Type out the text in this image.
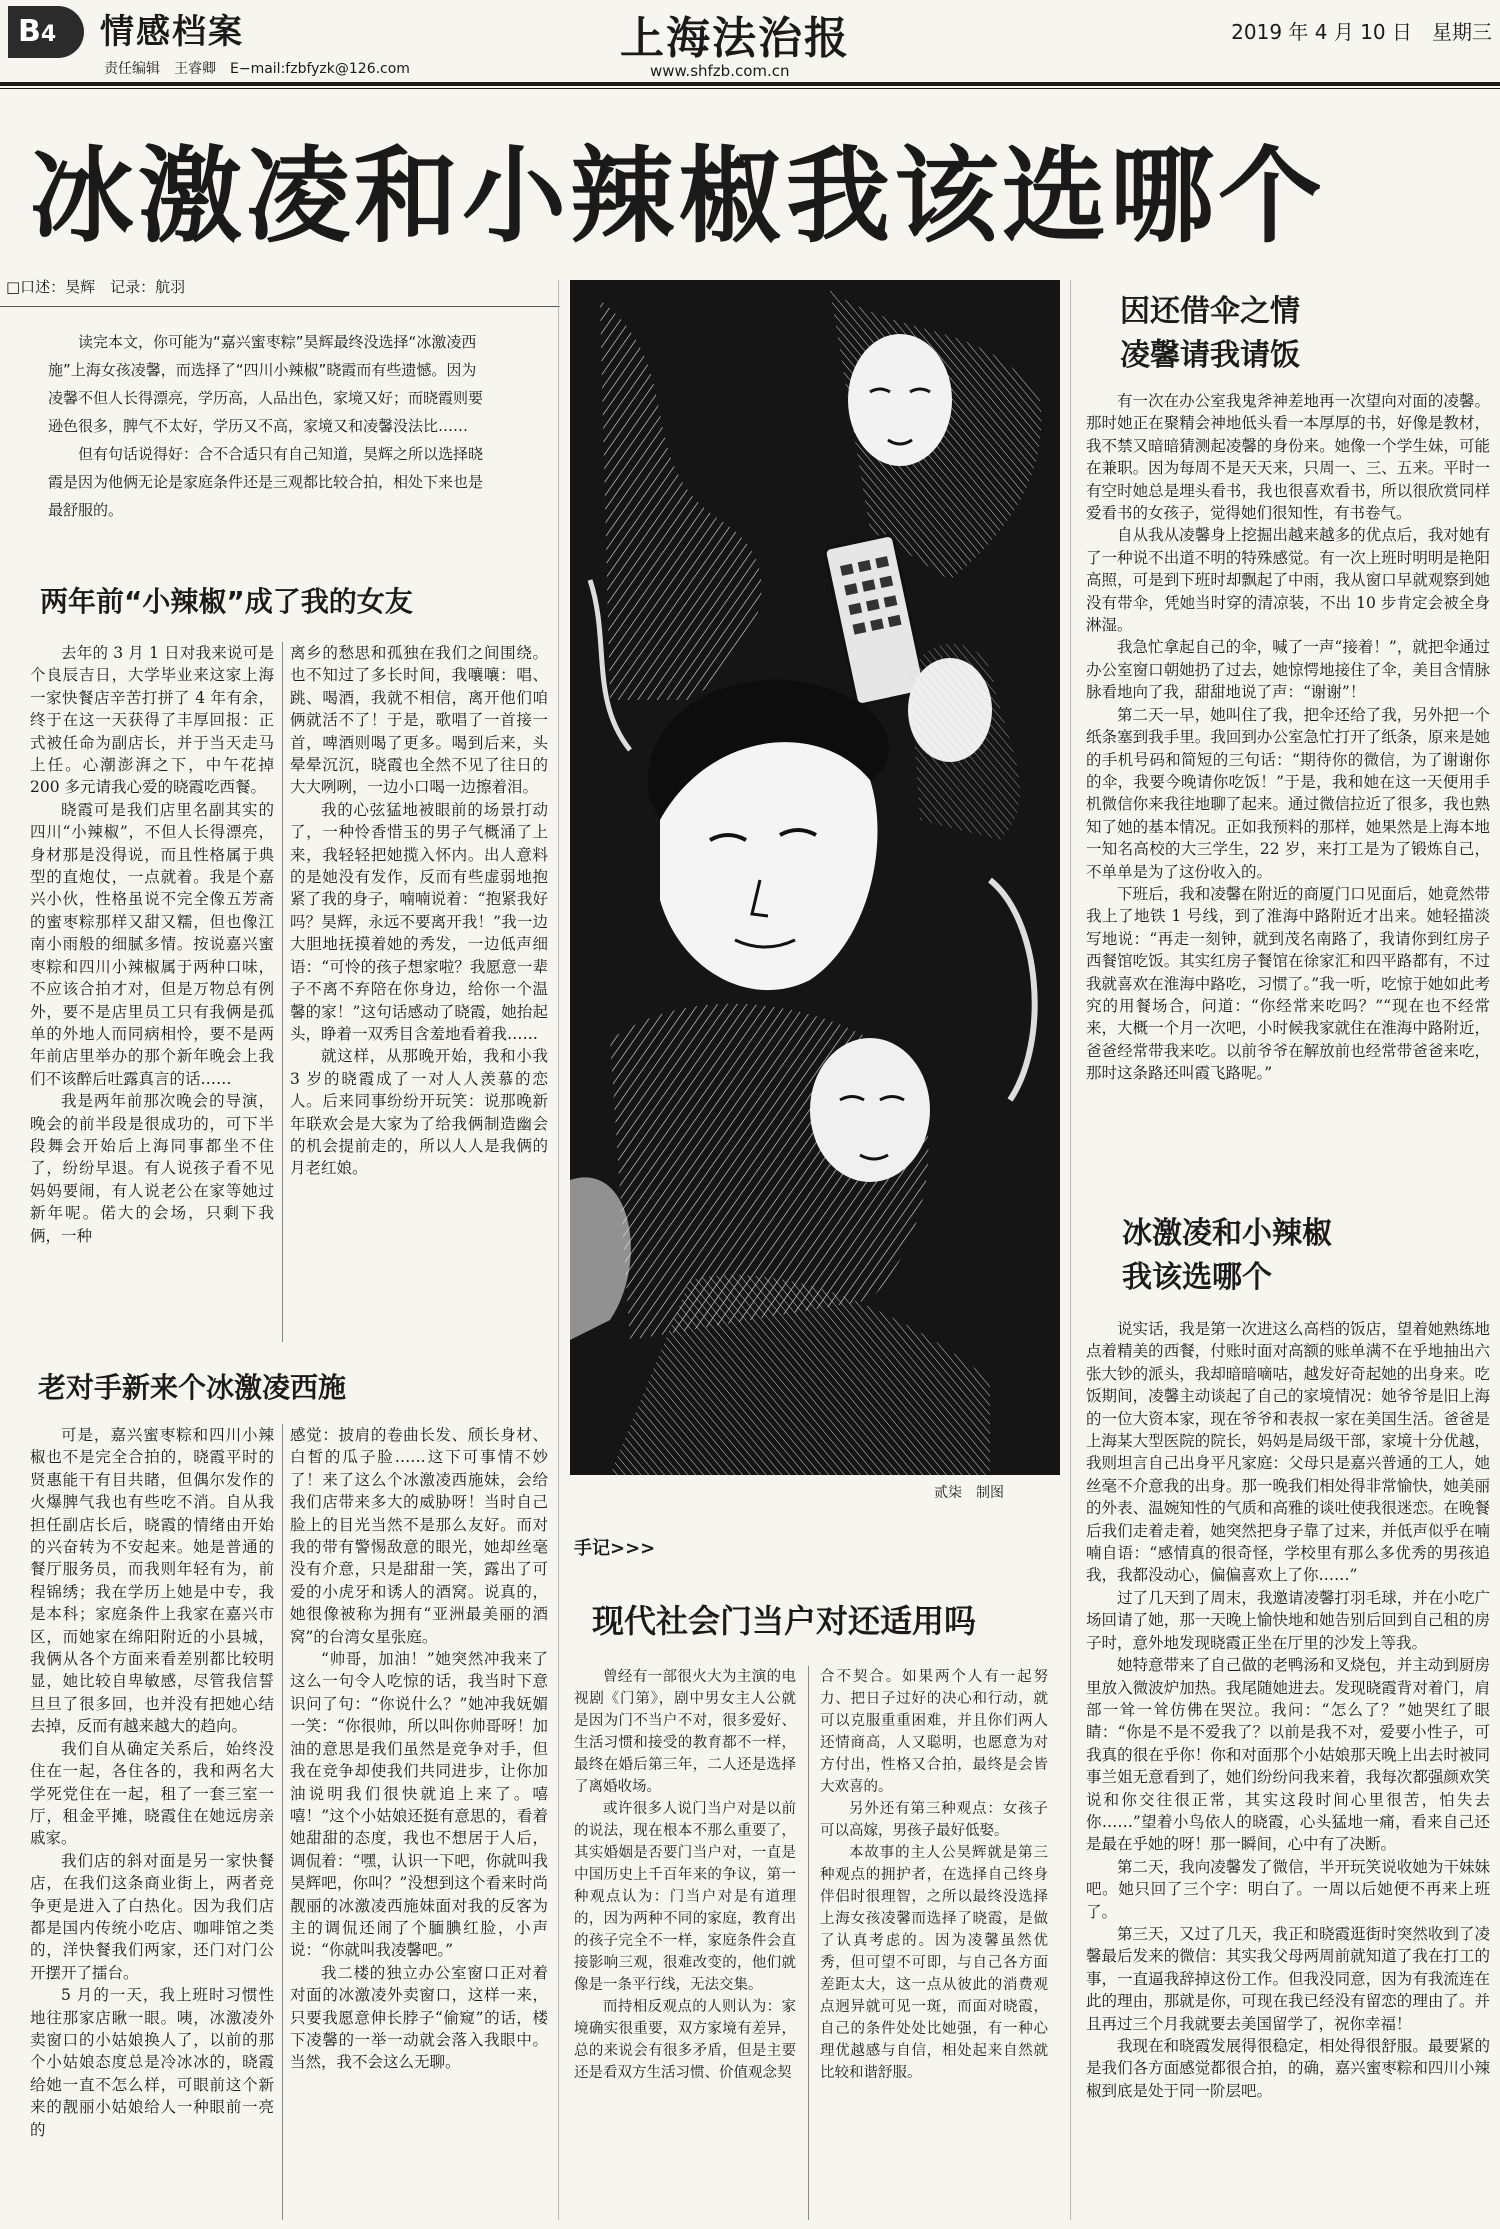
B4	情感档案
责任编辑　王睿卿　E−mail:fzbfyzk@126.com
上海法治报
www.shfzb.com.cn
2019 年 4 月 10 日　星期三
冰激凌和小辣椒我该选哪个
□口述：昊辉　记录：航羽

读完本文，你可能为“嘉兴蜜枣粽”昊辉最终没选择“冰激凌西施”上海女孩凌馨，而选择了“四川小辣椒”晓霞而有些遗憾。因为凌馨不但人长得漂亮，学历高，人品出色，家境又好；而晓霞则要逊色很多，脾气不太好，学历又不高，家境又和凌馨没法比……

但有句话说得好：合不合适只有自己知道，昊辉之所以选择晓霞是因为他俩无论是家庭条件还是三观都比较合拍，相处下来也是最舒服的。

两年前“小辣椒”成了我的女友

去年的 3 月 1 日对我来说可是个良辰吉日，大学毕业来这家上海一家快餐店辛苦打拼了 4 年有余，终于在这一天获得了丰厚回报：正式被任命为副店长，并于当天走马上任。心潮澎湃之下，中午花掉 200 多元请我心爱的晓霞吃西餐。

晓霞可是我们店里名副其实的四川“小辣椒”，不但人长得漂亮，身材那是没得说，而且性格属于典型的直炮仗，一点就着。我是个嘉兴小伙，性格虽说不完全像五芳斋的蜜枣粽那样又甜又糯，但也像江南小雨般的细腻多情。按说嘉兴蜜枣粽和四川小辣椒属于两种口味，不应该合拍才对，但是万物总有例外，要不是店里员工只有我俩是孤单的外地人而同病相怜，要不是两年前店里举办的那个新年晚会上我们不该醉后吐露真言的话……

我是两年前那次晚会的导演，晚会的前半段是很成功的，可下半段舞会开始后上海同事都坐不住了，纷纷早退。有人说孩子看不见妈妈要闹，有人说老公在家等她过新年呢。偌大的会场，只剩下我俩，一种

离乡的愁思和孤独在我们之间围绕。也不知过了多长时间，我嚷嚷：唱、跳、喝酒，我就不相信，离开他们咱俩就活不了！于是，歌唱了一首接一首，啤酒则喝了更多。喝到后来，头晕晕沉沉，晓霞也全然不见了往日的大大咧咧，一边小口喝一边擦着泪。

我的心弦猛地被眼前的场景打动了，一种怜香惜玉的男子气概涌了上来，我轻轻把她揽入怀内。出人意料的是她没有发作，反而有些虚弱地抱紧了我的身子，喃喃说着：“抱紧我好吗？昊辉，永远不要离开我！”我一边大胆地抚摸着她的秀发，一边低声细语：“可怜的孩子想家啦？我愿意一辈子不离不弃陪在你身边，给你一个温馨的家！”这句话感动了晓霞，她抬起头，睁着一双秀目含羞地看着我……

就这样，从那晚开始，我和小我 3 岁的晓霞成了一对人人羡慕的恋人。后来同事纷纷开玩笑：说那晚新年联欢会是大家为了给我俩制造幽会的机会提前走的，所以人人是我俩的月老红娘。

老对手新来个冰激凌西施

可是，嘉兴蜜枣粽和四川小辣椒也不是完全合拍的，晓霞平时的贤惠能干有目共睹，但偶尔发作的火爆脾气我也有些吃不消。自从我担任副店长后，晓霞的情绪由开始的兴奋转为不安起来。她是普通的餐厅服务员，而我则年轻有为，前程锦绣；我在学历上她是中专，我是本科；家庭条件上我家在嘉兴市区，而她家在绵阳附近的小县城，我俩从各个方面来看差别都比较明显，她比较自卑敏感，尽管我信誓旦旦了很多回，也并没有把她心结去掉，反而有越来越大的趋向。

我们自从确定关系后，始终没住在一起，各住各的，我和两名大学死党住在一起，租了一套三室一厅，租金平摊，晓霞住在她远房亲戚家。

我们店的斜对面是另一家快餐店，在我们这条商业街上，两者竞争更是进入了白热化。因为我们店都是国内传统小吃店、咖啡馆之类的，洋快餐我们两家，还门对门公开摆开了擂台。

5 月的一天，我上班时习惯性地往那家店瞅一眼。咦，冰激凌外卖窗口的小姑娘换人了，以前的那个小姑娘态度总是冷冰冰的，晓霞给她一直不怎么样，可眼前这个新来的靓丽小姑娘给人一种眼前一亮的

感觉：披肩的卷曲长发、颀长身材、白皙的瓜子脸……这下可事情不妙了！来了这么个冰激凌西施妹，会给我们店带来多大的威胁呀！当时自己脸上的目光当然不是那么友好。而对我的带有警惕敌意的眼光，她却丝毫没有介意，只是甜甜一笑，露出了可爱的小虎牙和诱人的酒窝。说真的，她很像被称为拥有“亚洲最美丽的酒窝”的台湾女星张庭。

“帅哥，加油！”她突然冲我来了这么一句令人吃惊的话，我当时下意识问了句：“你说什么？”她冲我妩媚一笑：“你很帅，所以叫你帅哥呀！加油的意思是我们虽然是竞争对手，但我在竞争却使我们共同进步，让你加油说明我们很快就追上来了。嘻嘻！”这个小姑娘还挺有意思的，看着她甜甜的态度，我也不想居于人后，调侃着：“嘿，认识一下吧，你就叫我昊辉吧，你叫？”没想到这个看来时尚靓丽的冰激凌西施妹面对我的反客为主的调侃还闹了个腼腆红脸，小声说：“你就叫我凌馨吧。”

我二楼的独立办公室窗口正对着对面的冰激凌外卖窗口，这样一来，只要我愿意伸长脖子“偷窥”的话，楼下凌馨的一举一动就会落入我眼中。当然，我不会这么无聊。

贰柒　制图
手记>>>
现代社会门当户对还适用吗

曾经有一部很火大为主演的电视剧《门第》，剧中男女主人公就是因为门不当户不对，很多爱好、生活习惯和接受的教育都不一样，最终在婚后第三年，二人还是选择了离婚收场。

或许很多人说门当户对是以前的说法，现在根本不那么重要了，其实婚姻是否要门当户对，一直是中国历史上千百年来的争议，第一种观点认为：门当户对是有道理的，因为两种不同的家庭，教育出的孩子完全不一样，家庭条件会直接影响三观，很难改变的，他们就像是一条平行线，无法交集。

而持相反观点的人则认为：家境确实很重要，双方家境有差异，总的来说会有很多矛盾，但是主要还是看双方生活习惯、价值观念契

合不契合。如果两个人有一起努力、把日子过好的决心和行动，就可以克服重重困难，并且你们两人还情商高，人又聪明，也愿意为对方付出，性格又合拍，最终是会皆大欢喜的。

另外还有第三种观点：女孩子可以高嫁，男孩子最好低娶。

本故事的主人公昊辉就是第三种观点的拥护者，在选择自己终身伴侣时很理智，之所以最终没选择上海女孩凌馨而选择了晓霞，是做了认真考虑的。因为凌馨虽然优秀，但可望不可即，与自己各方面差距太大，这一点从彼此的消费观点迥异就可见一斑，而面对晓霞，自己的条件处处比她强，有一种心理优越感与自信，相处起来自然就比较和谐舒服。

因还借伞之情
凌馨请我请饭

有一次在办公室我鬼斧神差地再一次望向对面的凌馨。那时她正在聚精会神地低头看一本厚厚的书，好像是教材，我不禁又暗暗猜测起凌馨的身份来。她像一个学生妹，可能在兼职。因为每周不是天天来，只周一、三、五来。平时一有空时她总是埋头看书，我也很喜欢看书，所以很欣赏同样爱看书的女孩子，觉得她们很知性，有书卷气。

自从我从凌馨身上挖掘出越来越多的优点后，我对她有了一种说不出道不明的特殊感觉。有一次上班时明明是艳阳高照，可是到下班时却飘起了中雨，我从窗口早就观察到她没有带伞，凭她当时穿的清凉装，不出 10 步肯定会被全身淋湿。

我急忙拿起自己的伞，喊了一声“接着！”，就把伞通过办公室窗口朝她扔了过去，她惊愕地接住了伞，美目含情脉脉看地向了我，甜甜地说了声：“谢谢”！

第二天一早，她叫住了我，把伞还给了我，另外把一个纸条塞到我手里。我回到办公室急忙打开了纸条，原来是她的手机号码和简短的三句话：“期待你的微信，为了谢谢你的伞，我要今晚请你吃饭！”于是，我和她在这一天便用手机微信你来我往地聊了起来。通过微信拉近了很多，我也熟知了她的基本情况。正如我预料的那样，她果然是上海本地一知名高校的大三学生，22 岁，来打工是为了锻炼自己，不单单是为了这份收入的。

下班后，我和凌馨在附近的商厦门口见面后，她竟然带我上了地铁 1 号线，到了淮海中路附近才出来。她轻描淡写地说：“再走一刻钟，就到茂名南路了，我请你到红房子西餐馆吃饭。其实红房子餐馆在徐家汇和四平路都有，不过我就喜欢在淮海中路吃，习惯了。”我一听，吃惊于她如此考究的用餐场合，问道：“你经常来吃吗？”“现在也不经常来，大概一个月一次吧，小时候我家就住在淮海中路附近，爸爸经常带我来吃。以前爷爷在解放前也经常带爸爸来吃，那时这条路还叫霞飞路呢。”

冰激凌和小辣椒
我该选哪个

说实话，我是第一次进这么高档的饭店，望着她熟练地点着精美的西餐，付账时面对高额的账单满不在乎地抽出六张大钞的派头，我却暗暗嘀咕，越发好奇起她的出身来。吃饭期间，凌馨主动谈起了自己的家境情况：她爷爷是旧上海的一位大资本家，现在爷爷和表叔一家在美国生活。爸爸是上海某大型医院的院长，妈妈是局级干部，家境十分优越，我则坦言自己出身平凡家庭：父母只是嘉兴普通的工人，她丝毫不介意我的出身。那一晚我们相处得非常愉快，她美丽的外表、温婉知性的气质和高雅的谈吐使我很迷恋。在晚餐后我们走着走着，她突然把身子靠了过来，并低声似乎在喃喃自语：“感情真的很奇怪，学校里有那么多优秀的男孩追我，我都没动心，偏偏喜欢上了你……”

过了几天到了周末，我邀请凌馨打羽毛球，并在小吃广场回请了她，那一天晚上愉快地和她告别后回到自己租的房子时，意外地发现晓霞正坐在厅里的沙发上等我。

她特意带来了自己做的老鸭汤和叉烧包，并主动到厨房里放入微波炉加热。我尾随她进去。发现晓霞背对着门，肩部一耸一耸仿佛在哭泣。我问：“怎么了？”她哭红了眼睛：“你是不是不爱我了？以前是我不对，爱要小性子，可我真的很在乎你！你和对面那个小姑娘那天晚上出去时被同事兰姐无意看到了，她们纷纷问我来着，我每次都强颜欢笑说和你交往很正常，其实这段时间心里很苦，怕失去你……”望着小鸟依人的晓霞，心头猛地一痛，看来自己还是最在乎她的呀！那一瞬间，心中有了决断。

第二天，我向凌馨发了微信，半开玩笑说收她为干妹妹吧。她只回了三个字：明白了。一周以后她便不再来上班了。

第三天，又过了几天，我正和晓霞逛街时突然收到了凌馨最后发来的微信：其实我父母两周前就知道了我在打工的事，一直逼我辞掉这份工作。但我没同意，因为有我流连在此的理由，那就是你，可现在我已经没有留恋的理由了。并且再过三个月我就要去美国留学了，祝你幸福！

我现在和晓霞发展得很稳定，相处得很舒服。最要紧的是我们各方面感觉都很合拍，的确，嘉兴蜜枣粽和四川小辣椒到底是处于同一阶层吧。
